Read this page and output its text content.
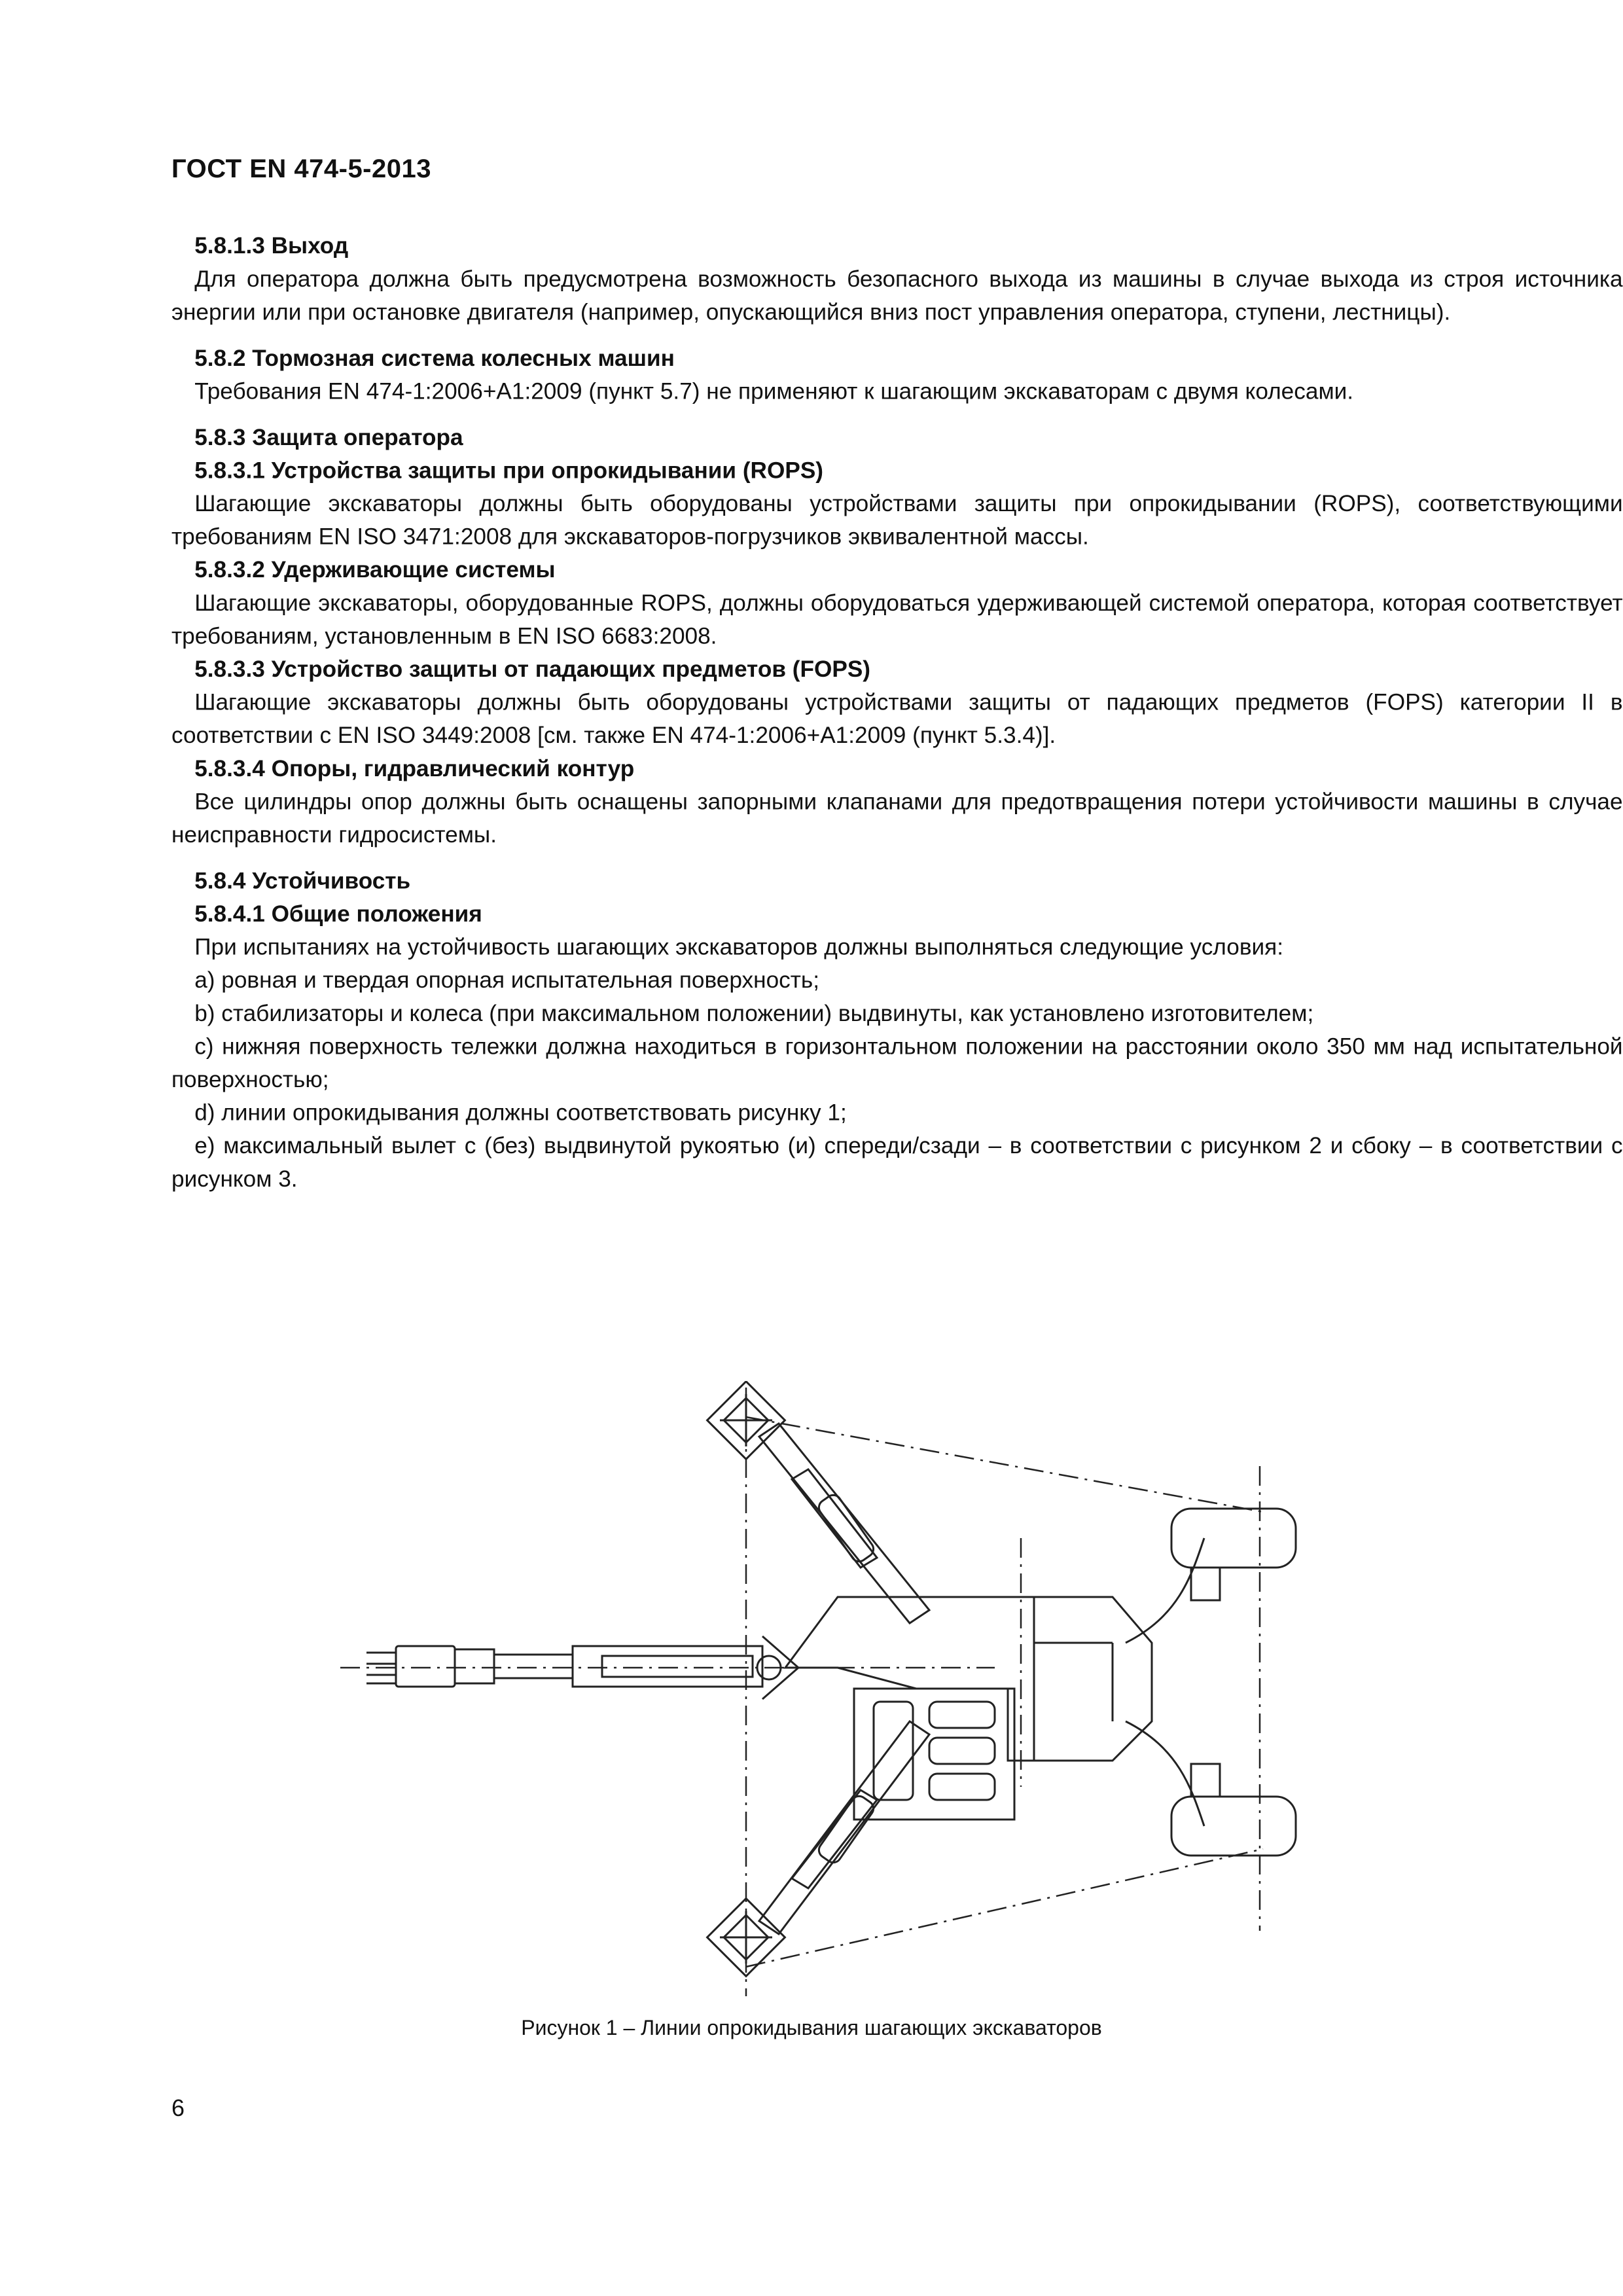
ГОСТ EN 474-5-2013

5.8.1.3 Выход

Для оператора должна быть предусмотрена возможность безопасного выхода из машины в случае выхода из строя источника энергии или при остановке двигателя (например, опускающийся вниз пост управления оператора, ступени, лестницы).

5.8.2 Тормозная система колесных машин

Требования EN 474-1:2006+A1:2009 (пункт 5.7) не применяют к шагающим экскаваторам с двумя колесами.

5.8.3 Защита оператора

5.8.3.1 Устройства защиты при опрокидывании (ROPS)

Шагающие экскаваторы должны быть оборудованы устройствами защиты при опрокидывании (ROPS), соответствующими требованиям EN ISO 3471:2008 для экскаваторов-погрузчиков эквивалентной массы.

5.8.3.2 Удерживающие системы

Шагающие экскаваторы, оборудованные ROPS, должны оборудоваться удерживающей системой оператора, которая соответствует требованиям, установленным в EN ISO 6683:2008.

5.8.3.3 Устройство защиты от падающих предметов (FOPS)

Шагающие экскаваторы должны быть оборудованы устройствами защиты от падающих предметов (FOPS) категории II в соответствии с EN ISO 3449:2008 [см. также EN 474-1:2006+A1:2009 (пункт 5.3.4)].

5.8.3.4 Опоры, гидравлический контур

Все цилиндры опор должны быть оснащены запорными клапанами для предотвращения потери устойчивости машины в случае неисправности гидросистемы.

5.8.4 Устойчивость

5.8.4.1 Общие положения

При испытаниях на устойчивость шагающих экскаваторов должны выполняться следующие условия:

a) ровная и твердая опорная испытательная поверхность;

b) стабилизаторы и колеса (при максимальном положении) выдвинуты, как установлено изготовителем;

c) нижняя поверхность тележки должна находиться в горизонтальном положении на расстоянии около 350 мм над испытательной поверхностью;

d) линии опрокидывания должны соответствовать рисунку 1;

e) максимальный вылет с (без) выдвинутой рукоятью (и) спереди/сзади – в соответствии с рисунком 2 и сбоку – в соответствии с рисунком 3.

Рисунок 1 – Линии опрокидывания шагающих экскаваторов
6
